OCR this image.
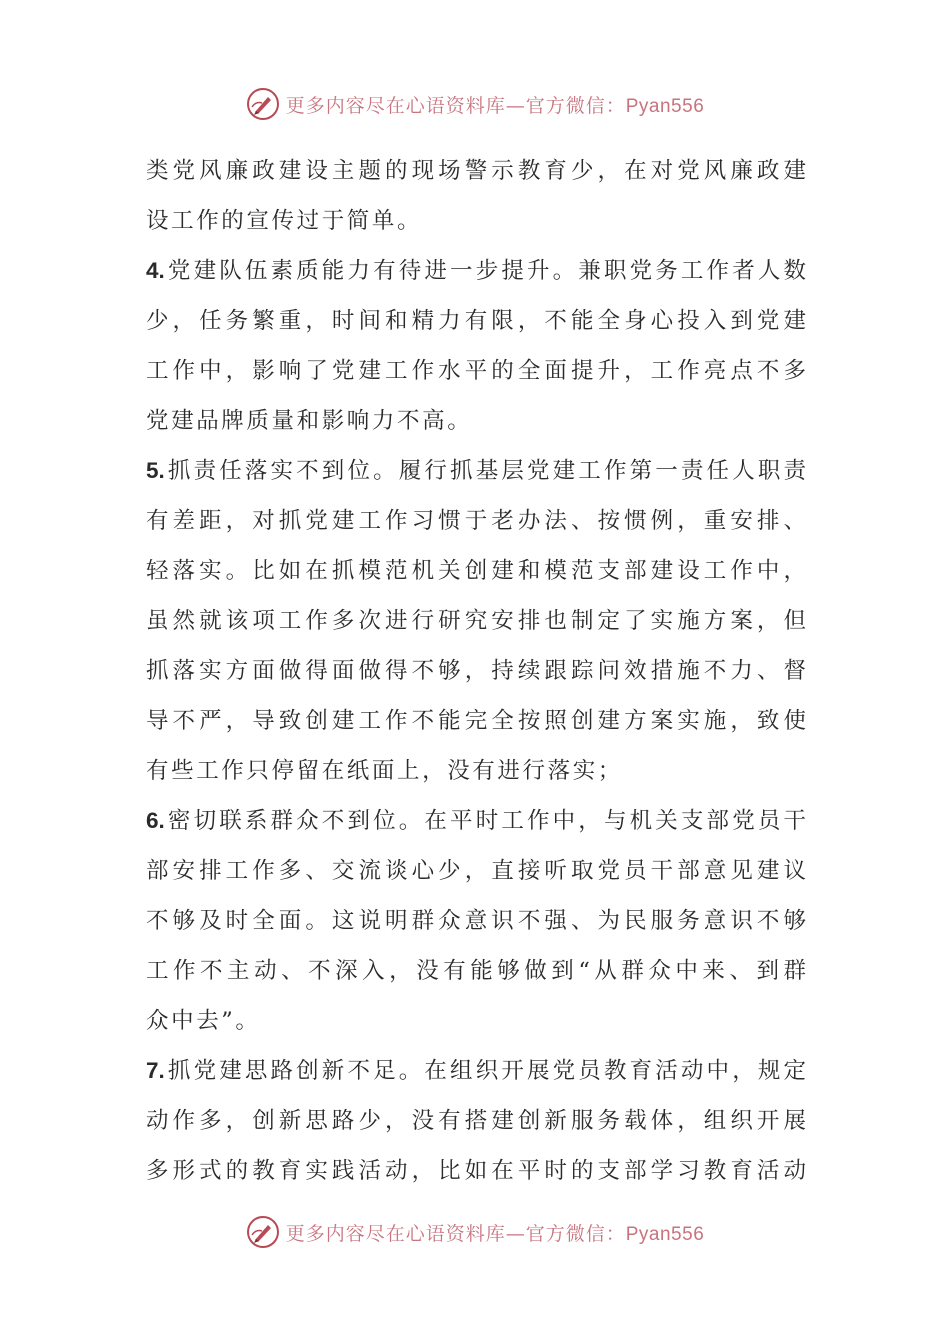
更多内容尽在心语资料库—官方微信：Pyan556
类党风廉政建设主题的现场警示教育少，在对党风廉政建
设工作的宣传过于简单。
4.党建队伍素质能力有待进一步提升。兼职党务工作者人数
少，任务繁重，时间和精力有限，不能全身心投入到党建
工作中，影响了党建工作水平的全面提升，工作亮点不多
党建品牌质量和影响力不高。
5.抓责任落实不到位。履行抓基层党建工作第一责任人职责
有差距，对抓党建工作习惯于老办法、按惯例，重安排、
轻落实。比如在抓模范机关创建和模范支部建设工作中，
虽然就该项工作多次进行研究安排也制定了实施方案，但
抓落实方面做得面做得不够，持续跟踪问效措施不力、督
导不严，导致创建工作不能完全按照创建方案实施，致使
有些工作只停留在纸面上，没有进行落实；
6.密切联系群众不到位。在平时工作中，与机关支部党员干
部安排工作多、交流谈心少，直接听取党员干部意见建议
不够及时全面。这说明群众意识不强、为民服务意识不够
工作不主动、不深入，没有能够做到“从群众中来、到群
众中去”。
7.抓党建思路创新不足。在组织开展党员教育活动中，规定
动作多，创新思路少，没有搭建创新服务载体，组织开展
多形式的教育实践活动，比如在平时的支部学习教育活动
更多内容尽在心语资料库—官方微信：Pyan556
